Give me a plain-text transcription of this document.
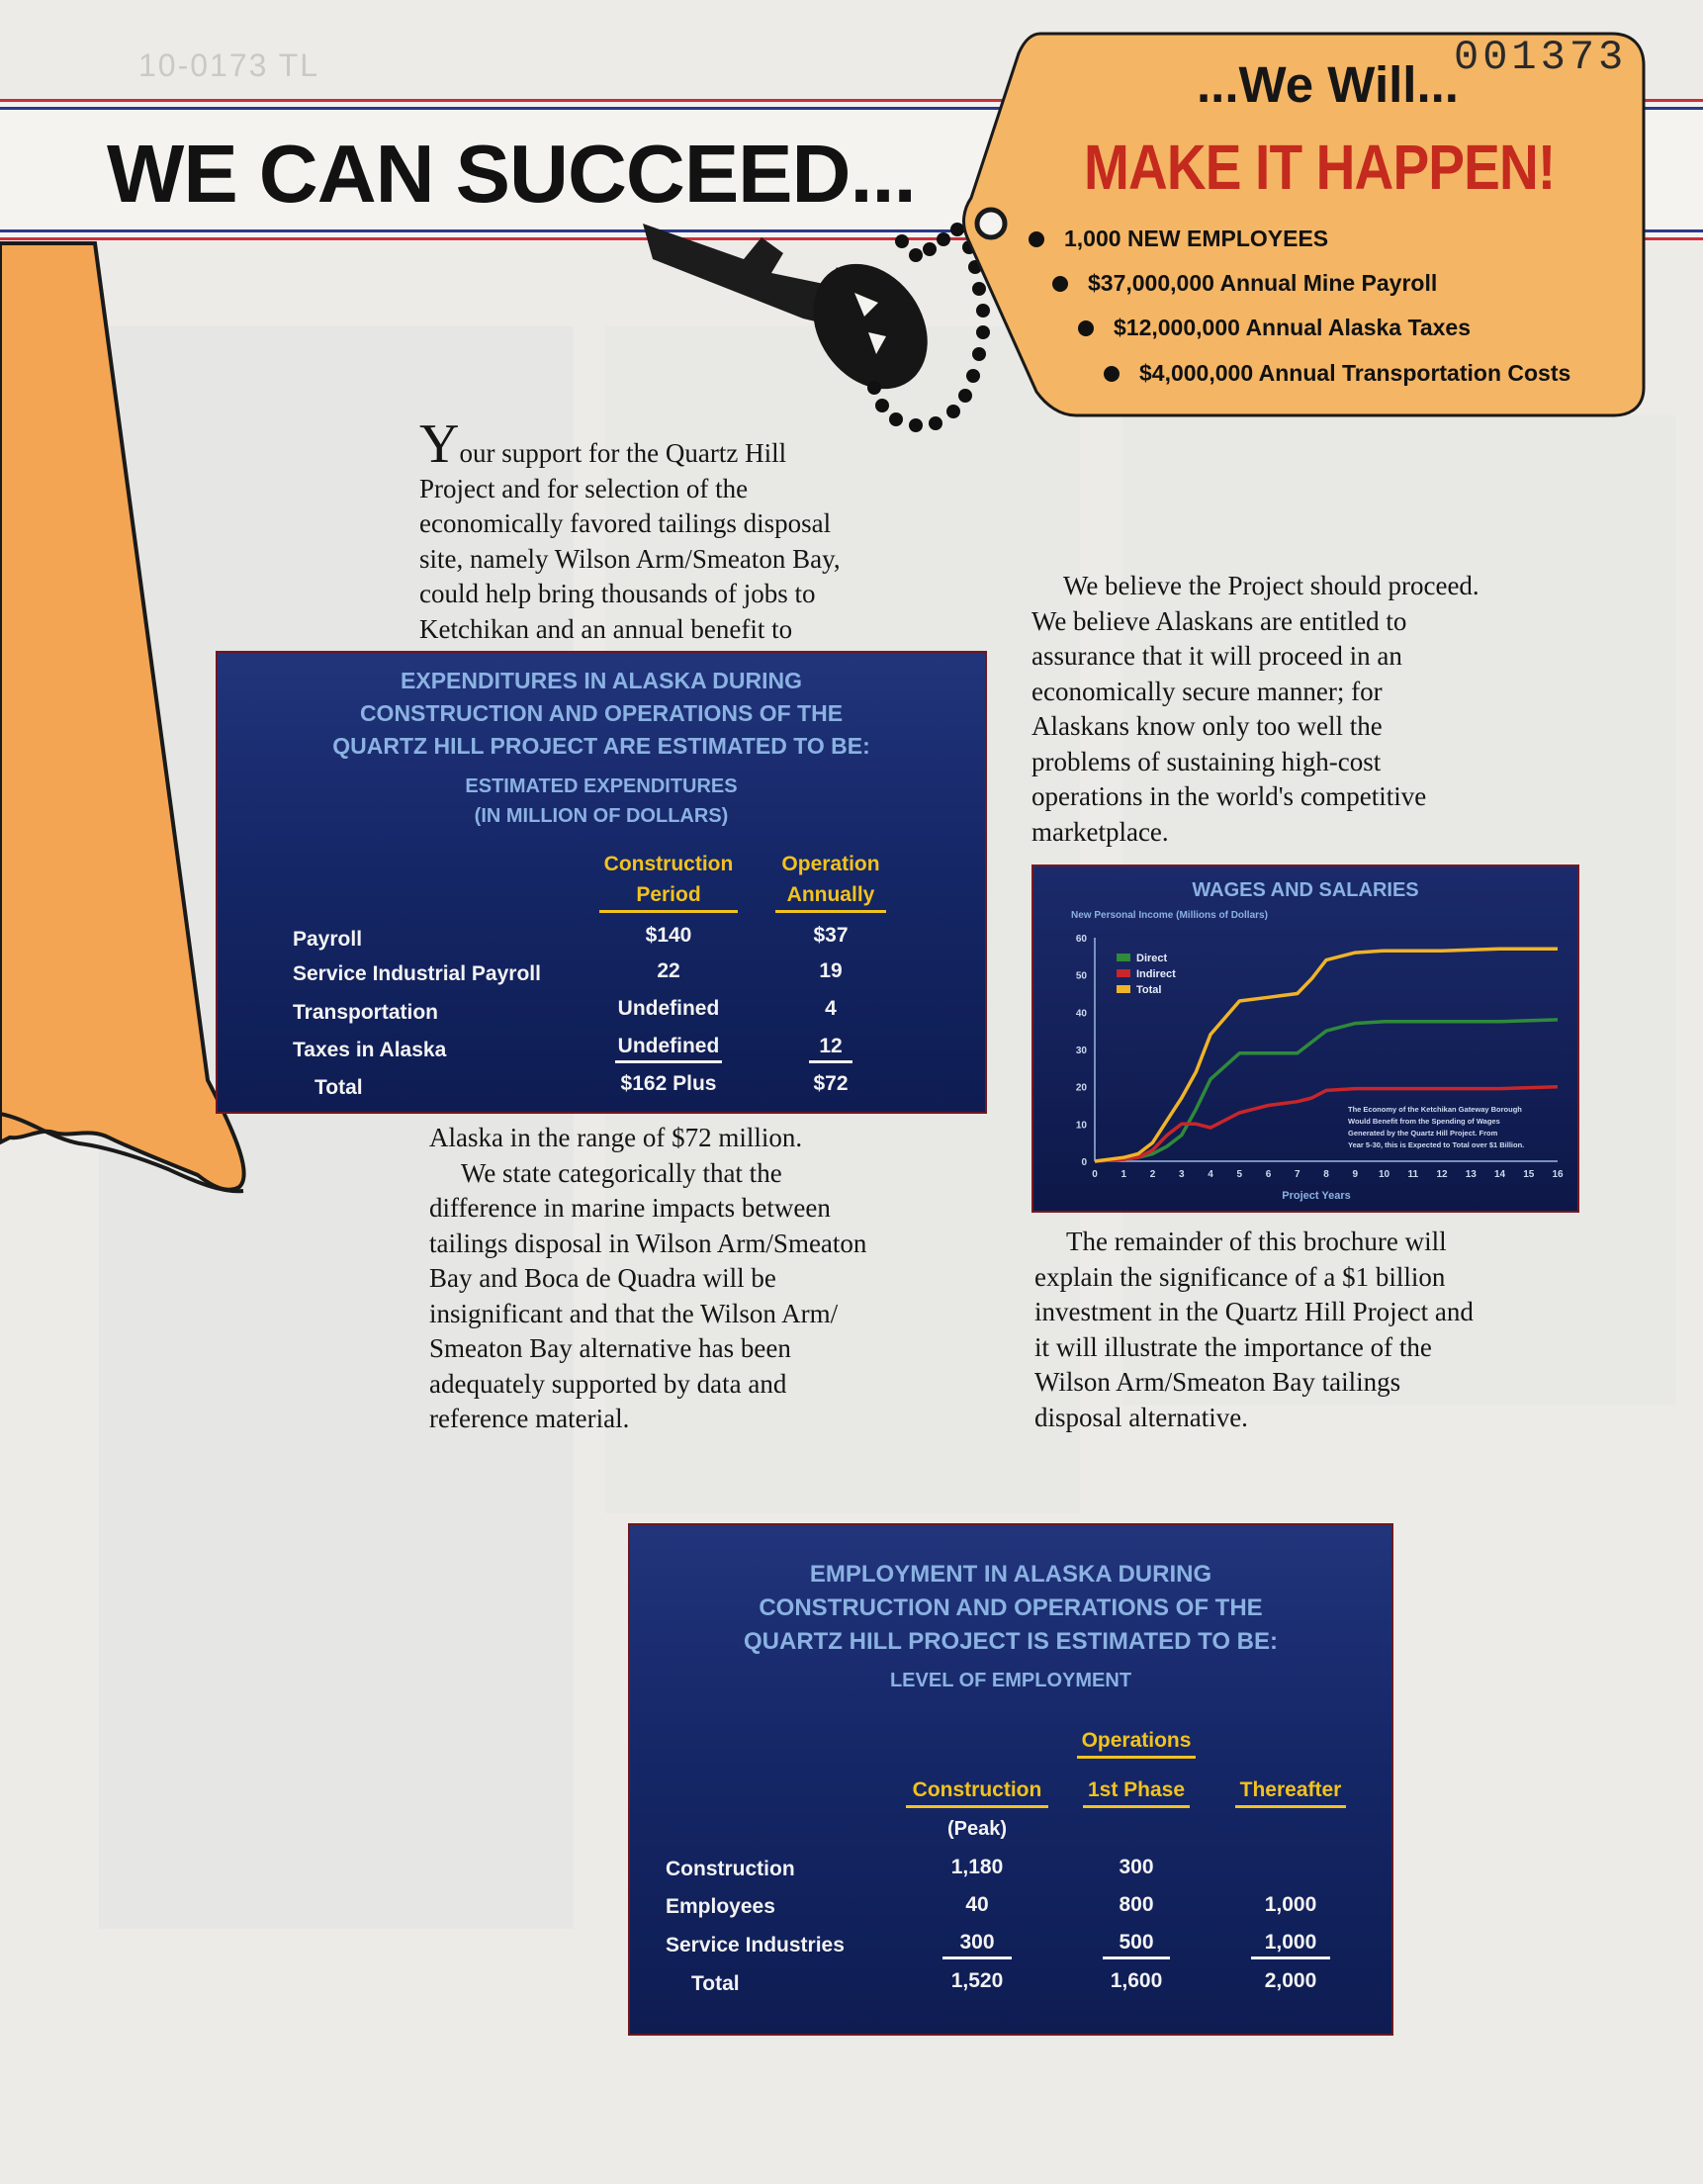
10-0173 TL

WE CAN SUCCEED...

...We Will...

001373

MAKE IT HAPPEN!

1,000 NEW EMPLOYEES
$37,000,000 Annual Mine Payroll
$12,000,000 Annual Alaska Taxes
$4,000,000 Annual Transportation Costs

Your support for the Quartz Hill

Project and for selection of the

economically favored tailings disposal

site, namely Wilson Arm/Smeaton Bay,

could help bring thousands of jobs to

Ketchikan and an annual benefit to

EXPENDITURES IN ALASKA DURING

CONSTRUCTION AND OPERATIONS OF THE

QUARTZ HILL PROJECT ARE ESTIMATED TO BE:

ESTIMATED EXPENDITURES

(IN MILLION OF DOLLARS)

Construction

Period

Operation

Annually

Payroll	$140	$37

Service Industrial Payroll	22	19

Transportation	Undefined	4

Taxes in Alaska	Undefined	12

Total	$162 Plus	$72

Alaska in the range of $72 million.

We state categorically that the

difference in marine impacts between

tailings disposal in Wilson Arm/Smeaton

Bay and Boca de Quadra will be

insignificant and that the Wilson Arm/

Smeaton Bay alternative has been

adequately supported by data and

reference material.

We believe the Project should proceed.

We believe Alaskans are entitled to

assurance that it will proceed in an

economically secure manner; for

Alaskans know only too well the

problems of sustaining high-cost

operations in the world's competitive

marketplace.

WAGES AND SALARIES
New Personal Income (Millions of Dollars)
Project Years
The Economy of the Ketchikan Gateway Borough
Would Benefit from the Spending of Wages
Generated by the Quartz Hill Project. From
Year 5-30, this is Expected to Total over $1 Billion.
0
10
20
30
40
50
60
0 1 2 3 4 5 6 7 8 9 10 11 12 13 14 15 16
Direct
Indirect
Total

The remainder of this brochure will

explain the significance of a $1 billion

investment in the Quartz Hill Project and

it will illustrate the importance of the

Wilson Arm/Smeaton Bay tailings

disposal alternative.

EMPLOYMENT IN ALASKA DURING

CONSTRUCTION AND OPERATIONS OF THE

QUARTZ HILL PROJECT IS ESTIMATED TO BE:

LEVEL OF EMPLOYMENT

Operations

Construction	1st Phase	Thereafter

(Peak)

Construction	1,180	300

Employees	40	800	1,000

Service Industries	300	500	1,000

Total	1,520	1,600	2,000
